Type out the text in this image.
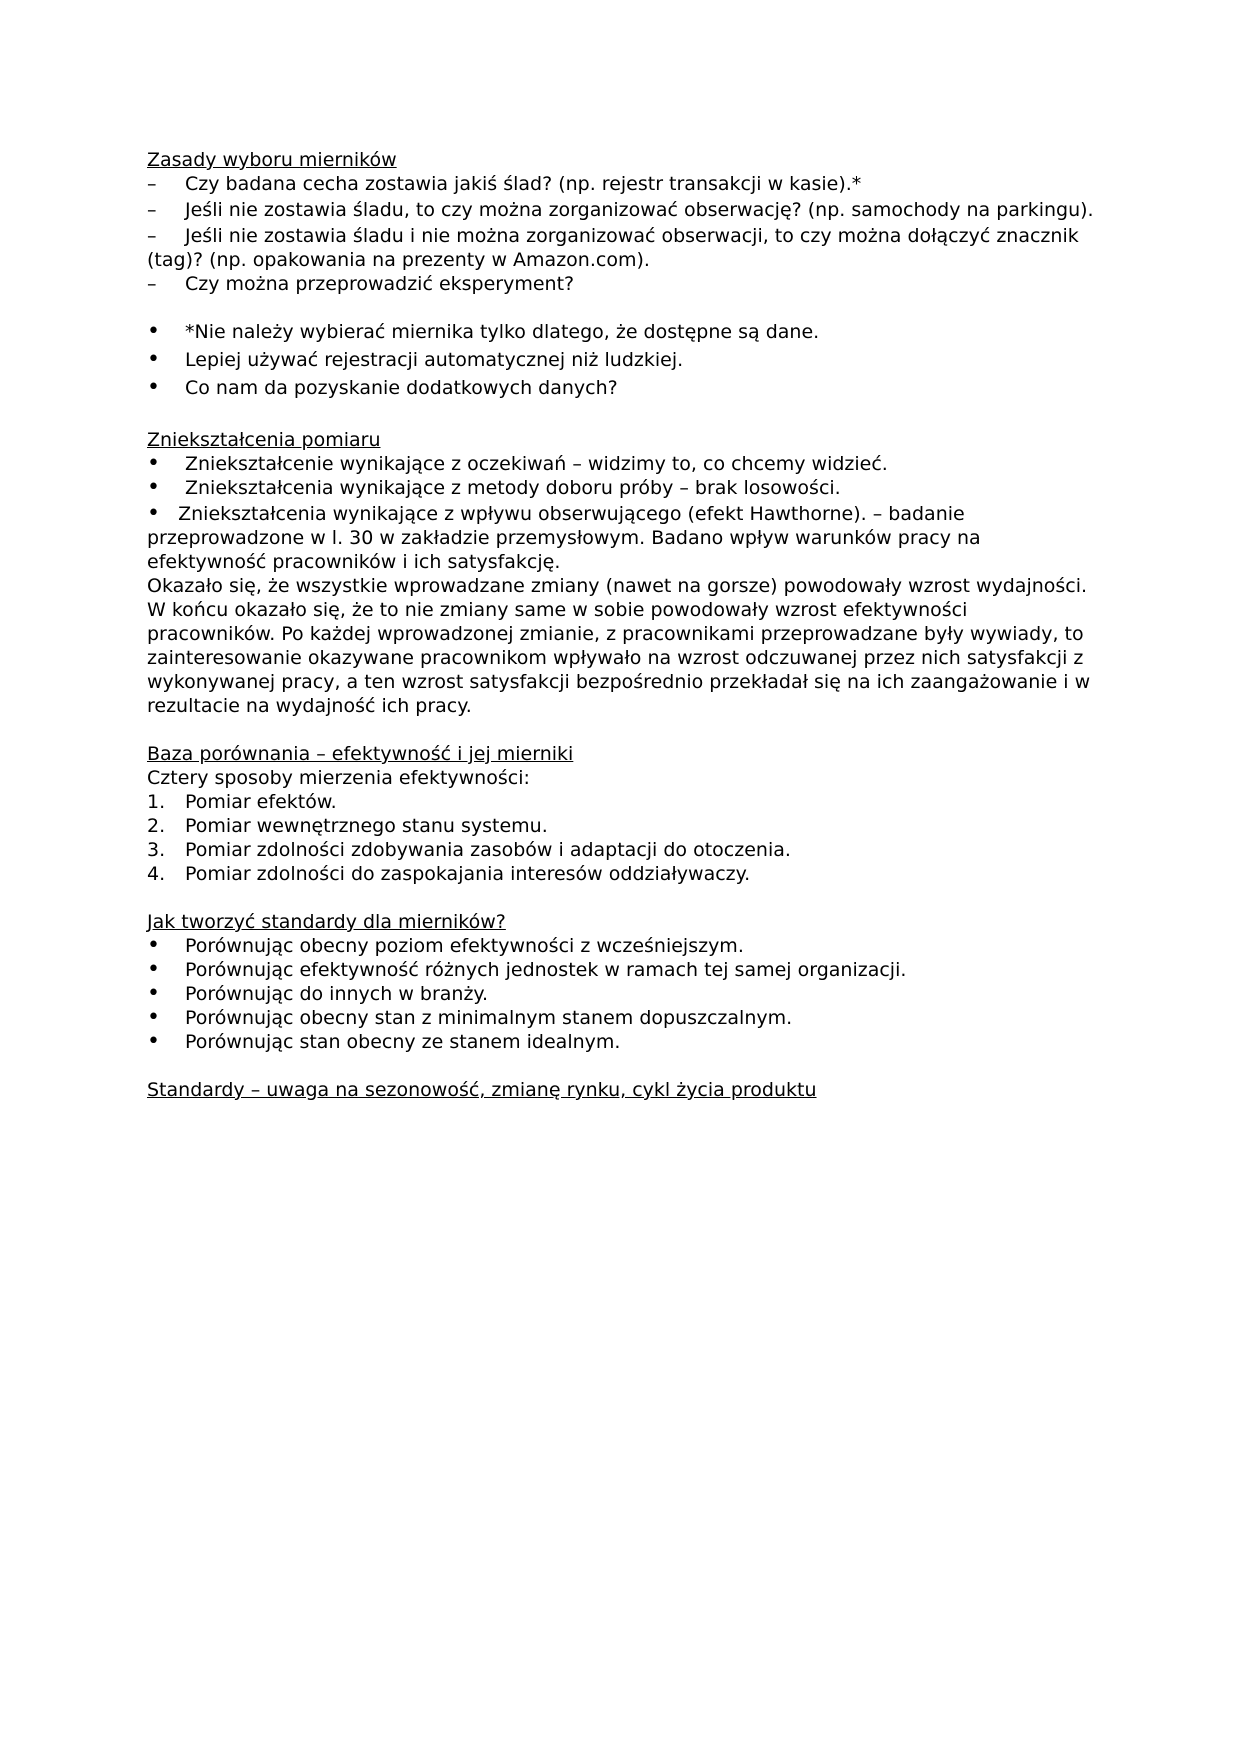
Zasady wyboru mierników

–	Czy badana cecha zostawia jakiś ślad? (np. rejestr transakcji w kasie).*
–	Jeśli nie zostawia śladu, to czy można zorganizować obserwację? (np. samochody na parkingu).
–	Jeśli nie zostawia śladu i nie można zorganizować obserwacji, to czy można dołączyć znacznik

(tag)? (np. opakowania na prezenty w Amazon.com).

–	Czy można przeprowadzić eksperyment?
•	*Nie należy wybierać miernika tylko dlatego, że dostępne są dane.
•	Lepiej używać rejestracji automatycznej niż ludzkiej.
•	Co nam da pozyskanie dodatkowych danych?

Zniekształcenia pomiaru

•	Zniekształcenie wynikające z oczekiwań – widzimy to, co chcemy widzieć.
•	Zniekształcenia wynikające z metody doboru próby – brak losowości.

• Zniekształcenia wynikające z wpływu obserwującego (efekt Hawthorne). – badanie przeprowadzone w l. 30 w zakładzie przemysłowym. Badano wpływ warunków pracy na efektywność pracowników i ich satysfakcję.

Okazało się, że wszystkie wprowadzane zmiany (nawet na gorsze) powodowały wzrost wydajności. W końcu okazało się, że to nie zmiany same w sobie powodowały wzrost efektywności pracowników. Po każdej wprowadzonej zmianie, z pracownikami przeprowadzane były wywiady, to zainteresowanie okazywane pracownikom wpływało na wzrost odczuwanej przez nich satysfakcji z wykonywanej pracy, a ten wzrost satysfakcji bezpośrednio przekładał się na ich zaangażowanie i w rezultacie na wydajność ich pracy.

Baza porównania – efektywność i jej mierniki

Cztery sposoby mierzenia efektywności:

1.	Pomiar efektów.
2.	Pomiar wewnętrznego stanu systemu.
3.	Pomiar zdolności zdobywania zasobów i adaptacji do otoczenia.
4.	Pomiar zdolności do zaspokajania interesów oddziaływaczy.

Jak tworzyć standardy dla mierników?

•	Porównując obecny poziom efektywności z wcześniejszym.
•	Porównując efektywność różnych jednostek w ramach tej samej organizacji.
•	Porównując do innych w branży.
•	Porównując obecny stan z minimalnym stanem dopuszczalnym.
•	Porównując stan obecny ze stanem idealnym.

Standardy – uwaga na sezonowość, zmianę rynku, cykl życia produktu
